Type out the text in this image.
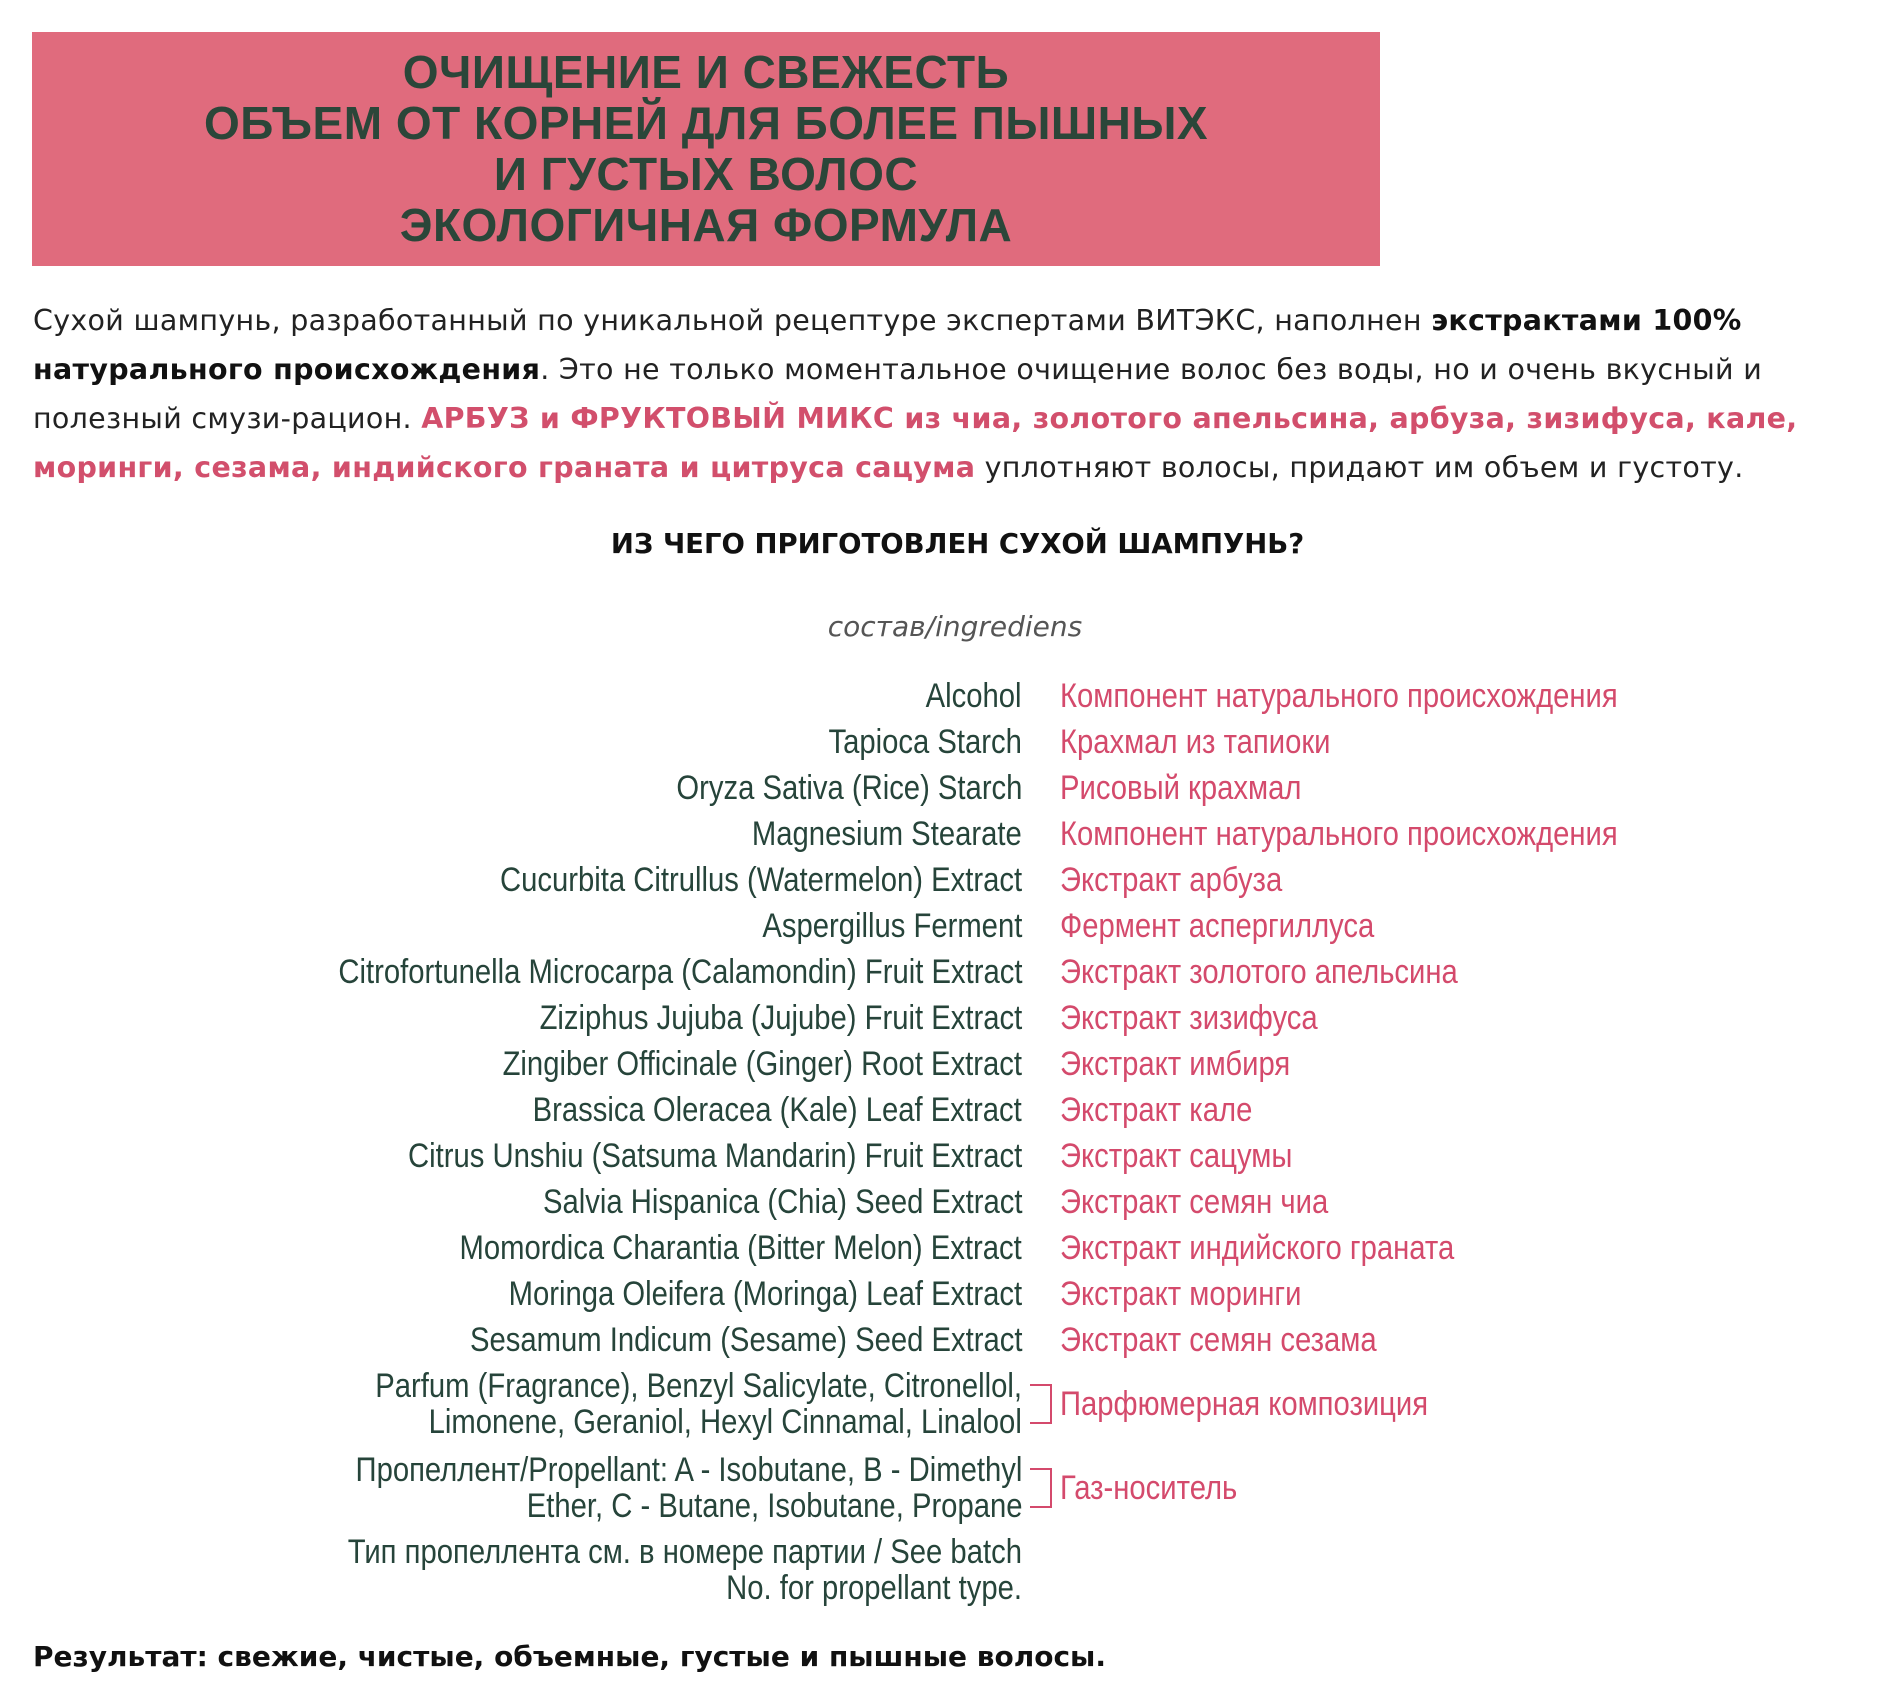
ОЧИЩЕНИЕ И СВЕЖЕСТЬ
ОБЪЕМ ОТ КОРНЕЙ ДЛЯ БОЛЕЕ ПЫШНЫХ
И ГУСТЫХ ВОЛОС
ЭКОЛОГИЧНАЯ ФОРМУЛА

Сухой шампунь, разработанный по уникальной рецептуре экспертами ВИТЭКС, наполнен экстрактами 100% натурального происхождения. Это не только моментальное очищение волос без воды, но и очень вкусный и полезный смузи-рацион. АРБУЗ и ФРУКТОВЫЙ МИКС из чиа, золотого апельсина, арбуза, зизифуса, кале, моринги, сезама, индийского граната и цитруса сацума уплотняют волосы, придают им объем и густоту.

ИЗ ЧЕГО ПРИГОТОВЛЕН СУХОЙ ШАМПУНЬ?

состав/ingrediens

Alcohol Компонент натурального происхождения
Tapioca Starch Крахмал из тапиоки
Oryza Sativa (Rice) Starch Рисовый крахмал
Magnesium Stearate Компонент натурального происхождения
Cucurbita Citrullus (Watermelon) Extract Экстракт арбуза
Aspergillus Ferment Фермент аспергиллуса
Citrofortunella Microcarpa (Calamondin) Fruit Extract Экстракт золотого апельсина
Ziziphus Jujuba (Jujube) Fruit Extract Экстракт зизифуса
Zingiber Officinale (Ginger) Root Extract Экстракт имбиря
Brassica Oleracea (Kale) Leaf Extract Экстракт кале
Citrus Unshiu (Satsuma Mandarin) Fruit Extract Экстракт сацумы
Salvia Hispanica (Chia) Seed Extract Экстракт семян чиа
Momordica Charantia (Bitter Melon) Extract Экстракт индийского граната
Moringa Oleifera (Moringa) Leaf Extract Экстракт моринги
Sesamum Indicum (Sesame) Seed Extract Экстракт семян сезама
Parfum (Fragrance), Benzyl Salicylate, Citronellol,
Limonene, Geraniol, Hexyl Cinnamal, Linalool Парфюмерная композиция
Пропеллент/Propellant: A - Isobutane, B - Dimethyl
Ether, C - Butane, Isobutane, Propane Газ-носитель
Тип пропеллента см. в номере партии / See batch
No. for propellant type.

Результат: свежие, чистые, объемные, густые и пышные волосы.
